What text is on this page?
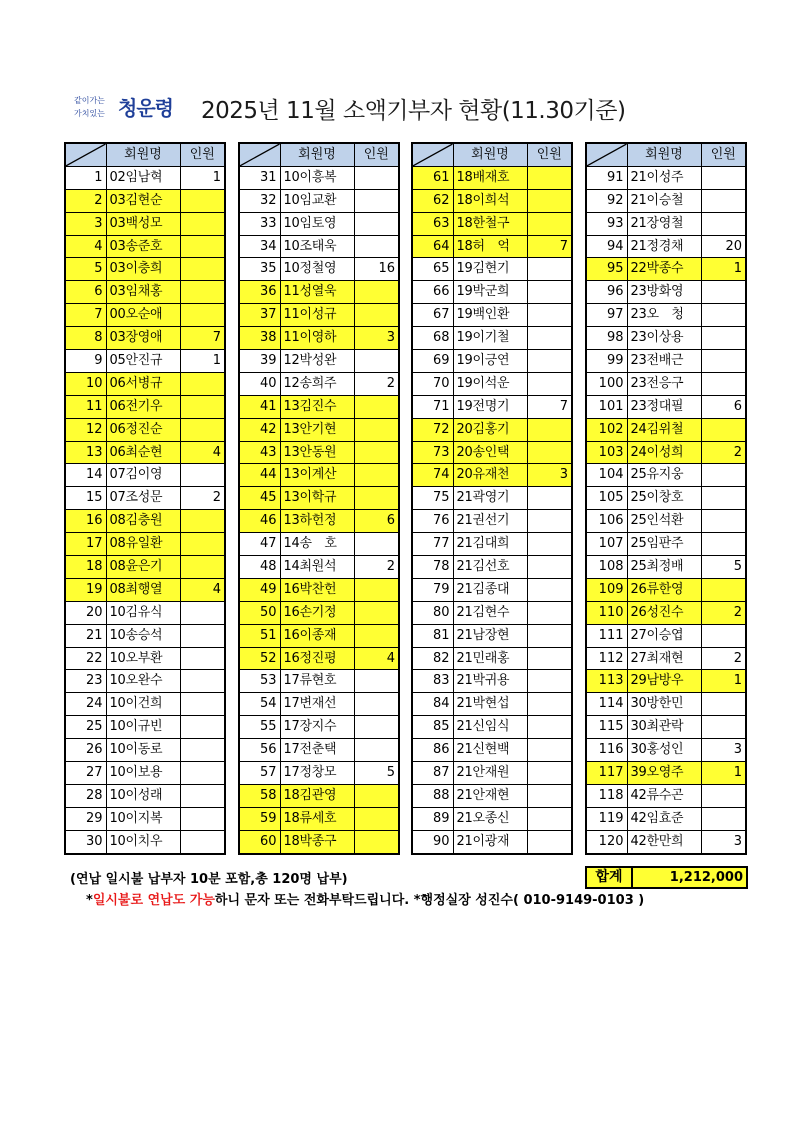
같이가는
가치있는 청운령 2025년 11월 소액기부자 현황(11.30기준)
	회원명	인원
1	02임남혁	1
2	03김현순	
3	03백성모	
4	03송준호	
5	03이충희	
6	03임채홍	
7	00오순애	
8	03장영애	7
9	05안진규	1
10	06서병규	
11	06전기우	
12	06정진순	
13	06최순현	4
14	07김이영	
15	07조성문	2
16	08김충원	
17	08유일환	
18	08윤은기	
19	08최행열	4
20	10김유식	
21	10송승석	
22	10오부환	
23	10오완수	
24	10이건희	
25	10이규빈	
26	10이동로	
27	10이보용	
28	10이성래	
29	10이지복	
30	10이치우	
	회원명	인원
31	10이흥복	
32	10임교환	
33	10임토영	
34	10조태욱	
35	10정철영	16
36	11성열욱	
37	11이성규	
38	11이영하	3
39	12박성완	
40	12송희주	2
41	13김진수	
42	13안기현	
43	13안동원	
44	13이계산	
45	13이학규	
46	13하헌정	6
47	14송　호	
48	14최원석	2
49	16박찬헌	
50	16손기정	
51	16이종재	
52	16정진평	4
53	17류현호	
54	17변재선	
55	17장지수	
56	17전춘택	
57	17정창모	5
58	18김관영	
59	18류세호	
60	18박종구	
	회원명	인원
61	18배재호	
62	18이희석	
63	18한철구	
64	18허　억	7
65	19김현기	
66	19박군희	
67	19백인환	
68	19이기철	
69	19이긍연	
70	19이석운	
71	19전명기	7
72	20김홍기	
73	20송인택	
74	20유재천	3
75	21곽영기	
76	21권선기	
77	21김대희	
78	21김선호	
79	21김종대	
80	21김현수	
81	21남장현	
82	21민래홍	
83	21박귀용	
84	21박현섭	
85	21신임식	
86	21신현백	
87	21안재원	
88	21안재현	
89	21오종신	
90	21이광재	
	회원명	인원
91	21이성주	
92	21이승철	
93	21장영철	
94	21정경채	20
95	22박종수	1
96	23방화영	
97	23오　청	
98	23이상용	
99	23전배근	
100	23전응구	
101	23정대필	6
102	24김위철	
103	24이성희	2
104	25유지웅	
105	25이창호	
106	25인석환	
107	25임판주	
108	25최정배	5
109	26류한영	
110	26성진수	2
111	27이승엽	
112	27최재현	2
113	29남방우	1
114	30방한민	
115	30최관락	
116	30홍성인	3
117	39오영주	1
118	42류수곤	
119	42임효준	
120	42한만희	3
(연납 일시불 납부자 10분 포함,총 120명 납부)	합계	1,212,000
*일시불로 연납도 가능하니 문자 또는 전화부탁드립니다. *행정실장 성진수( 010-9149-0103 )
